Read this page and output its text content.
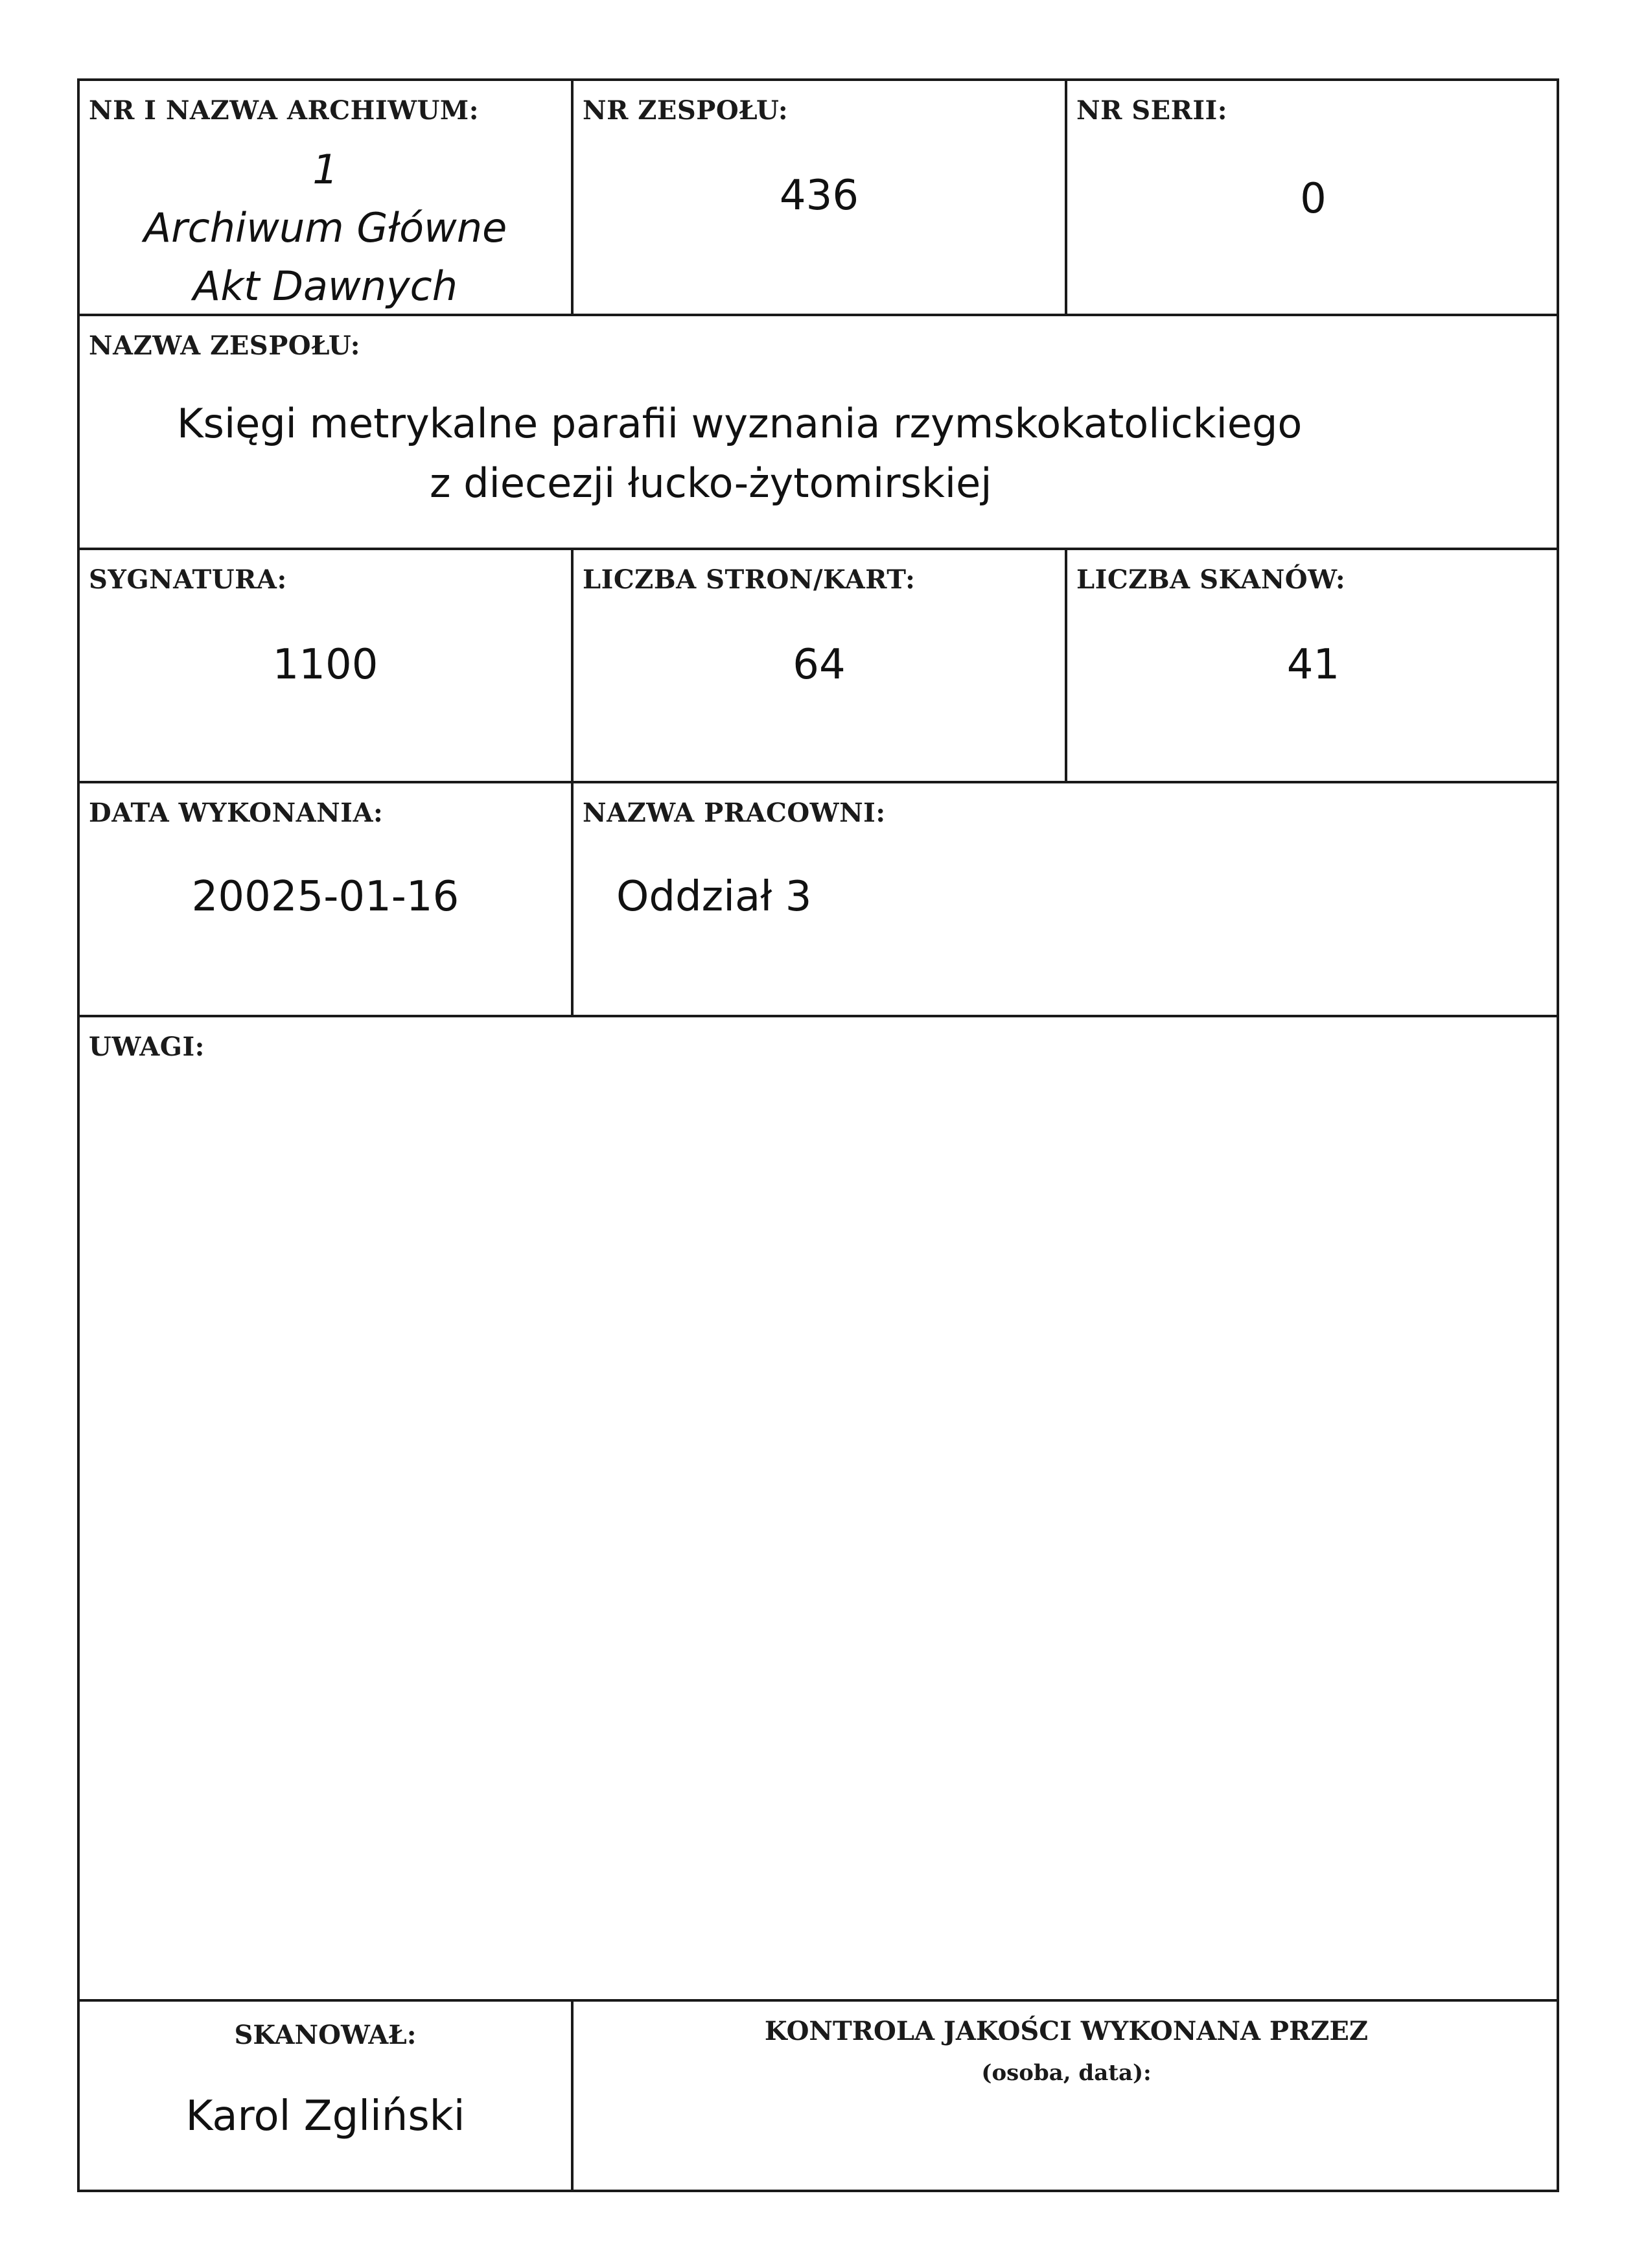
NR I NAZWA ARCHIWUM:
1
Archiwum Główne
Akt Dawnych
NR ZESPOŁU:
436
NR SERII:
0
NAZWA ZESPOŁU:
Księgi metrykalne parafii wyznania rzymskokatolickiego
z diecezji łucko-żytomirskiej
SYGNATURA:
1100
LICZBA STRON/KART:
64
LICZBA SKANÓW:
41
DATA WYKONANIA:
20025-01-16
NAZWA PRACOWNI:
Oddział 3
UWAGI:
SKANOWAŁ:
Karol Zgliński
KONTROLA JAKOŚCI WYKONANA PRZEZ
(osoba, data):
